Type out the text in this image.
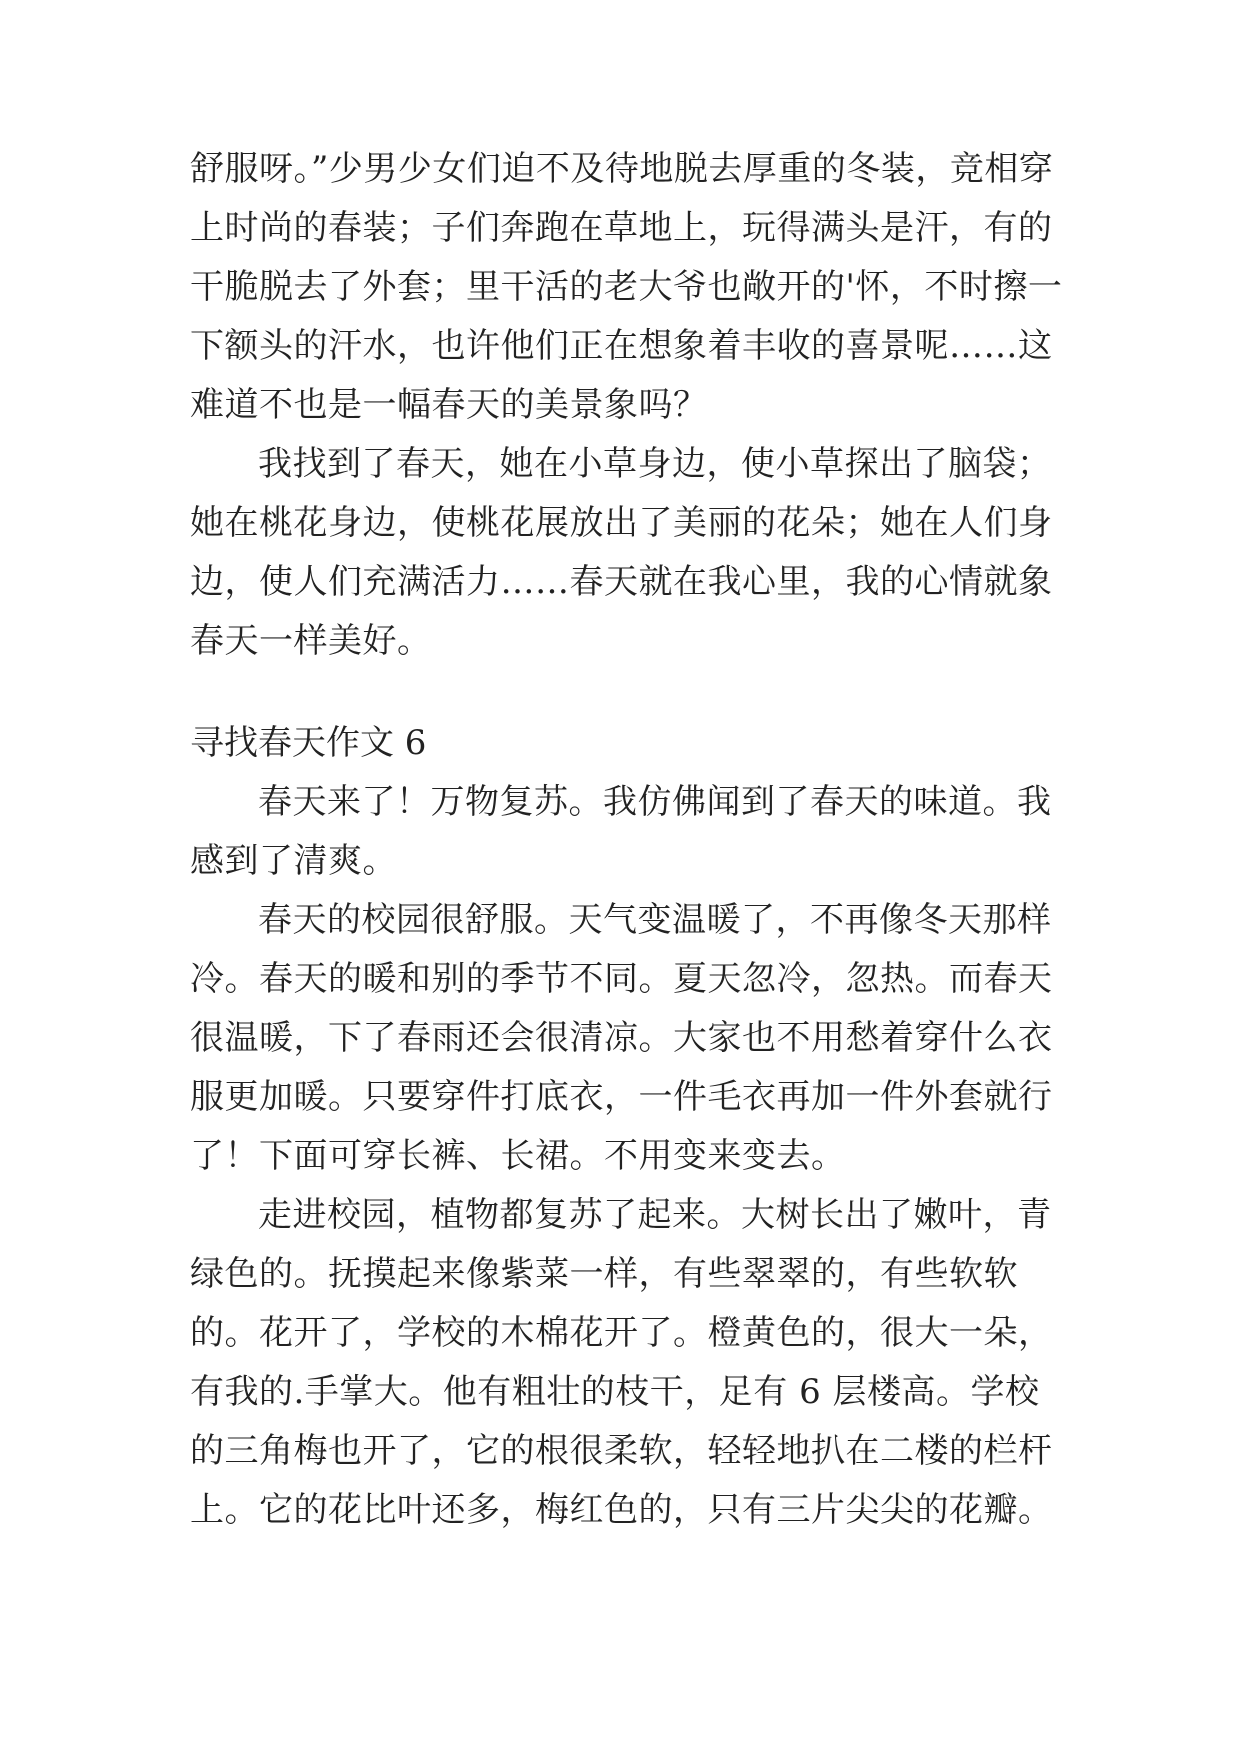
舒服呀。”少男少女们迫不及待地脱去厚重的冬装，竞相穿上时尚的春装；子们奔跑在草地上，玩得满头是汗，有的干脆脱去了外套；里干活的老大爷也敞开的'怀，不时擦一下额头的汗水，也许他们正在想象着丰收的喜景呢……这难道不也是一幅春天的美景象吗？

我找到了春天，她在小草身边，使小草探出了脑袋；她在桃花身边，使桃花展放出了美丽的花朵；她在人们身边，使人们充满活力……春天就在我心里，我的心情就象春天一样美好。

寻找春天作文 6

春天来了！万物复苏。我仿佛闻到了春天的味道。我感到了清爽。

春天的校园很舒服。天气变温暖了，不再像冬天那样冷。春天的暖和别的季节不同。夏天忽冷，忽热。而春天很温暖，下了春雨还会很清凉。大家也不用愁着穿什么衣服更加暖。只要穿件打底衣，一件毛衣再加一件外套就行了！下面可穿长裤、长裙。不用变来变去。

走进校园，植物都复苏了起来。大树长出了嫩叶，青绿色的。抚摸起来像紫菜一样，有些翠翠的，有些软软的。花开了，学校的木棉花开了。橙黄色的，很大一朵，有我的.手掌大。他有粗壮的枝干，足有 6 层楼高。学校的三角梅也开了，它的根很柔软，轻轻地扒在二楼的栏杆上。它的花比叶还多，梅红色的，只有三片尖尖的花瓣。
